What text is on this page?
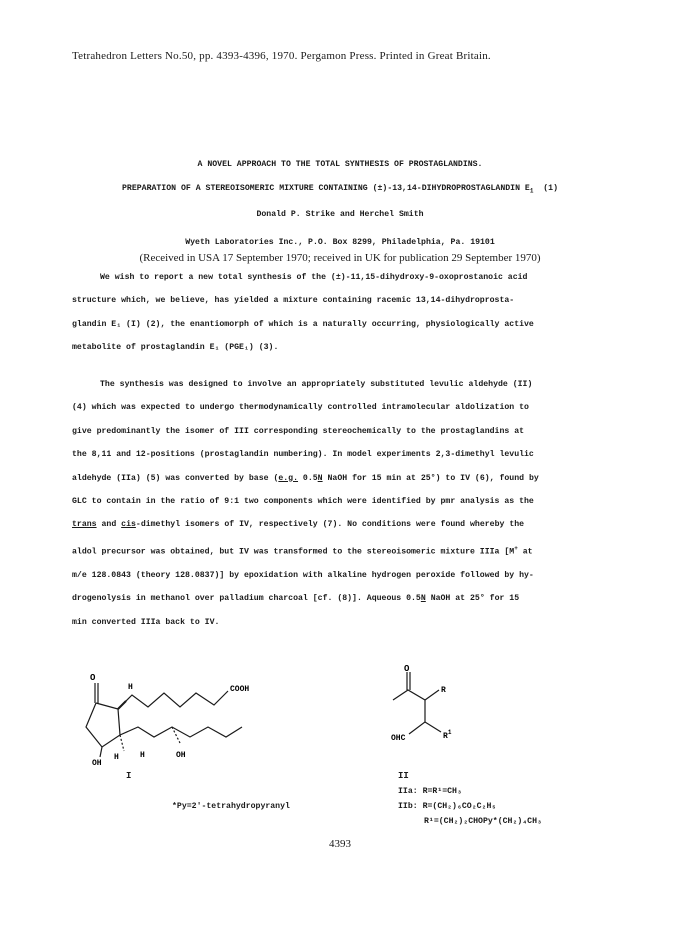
Tetrahedron Letters No.50, pp. 4393-4396, 1970. Pergamon Press. Printed in Great Britain.
A NOVEL APPROACH TO THE TOTAL SYNTHESIS OF PROSTAGLANDINS.
PREPARATION OF A STEREOISOMERIC MIXTURE CONTAINING (±)-13,14-DIHYDROPROSTAGLANDIN $E_1$ (1)
Donald P. Strike and Herchel Smith
Wyeth Laboratories Inc., P.O. Box 8299, Philadelphia, Pa. 19101
(Received in USA 17 September 1970; received in UK for publication 29 September 1970)
We wish to report a new total synthesis of the (±)-11,15-dihydroxy-9-oxoprostanoic acid
structure which, we believe, has yielded a mixture containing racemic 13,14-dihydroprosta-
glandin E₁ (I) (2), the enantiomorph of which is a naturally occurring, physiologically active
metabolite of prostaglandin E₁ (PGE₁) (3).
The synthesis was designed to involve an appropriately substituted levulic aldehyde (II)
(4) which was expected to undergo thermodynamically controlled intramolecular aldolization to
give predominantly the isomer of III corresponding stereochemically to the prostaglandins at
the 8,11 and 12-positions (prostaglandin numbering). In model experiments 2,3-dimethyl levulic
aldehyde (IIa) (5) was converted by base (e.g. 0.5N NaOH for 15 min at 25°) to IV (6), found by
GLC to contain in the ratio of 9:1 two components which were identified by pmr analysis as the
trans and cis-dimethyl isomers of IV, respectively (7). No conditions were found whereby the
aldol precursor was obtained, but IV was transformed to the stereoisomeric mixture IIIa [M+ at
m/e 128.0843 (theory 128.0837)] by epoxidation with alkaline hydrogen peroxide followed by hy-
drogenolysis in methanol over palladium charcoal [cf. (8)]. Aqueous 0.5N NaOH at 25° for 15
min converted IIIa back to IV.
O
H	COOH
OH
H	H	OH
I
O
R
OHC	$R^1$
II
IIa: R=R¹=CH₃
IIb: R=(CH₂)₆CO₂C₂H₅
R¹=(CH₂)₂CHOPy*(CH₂)₄CH₃
*Py=2′-tetrahydropyranyl
4393
